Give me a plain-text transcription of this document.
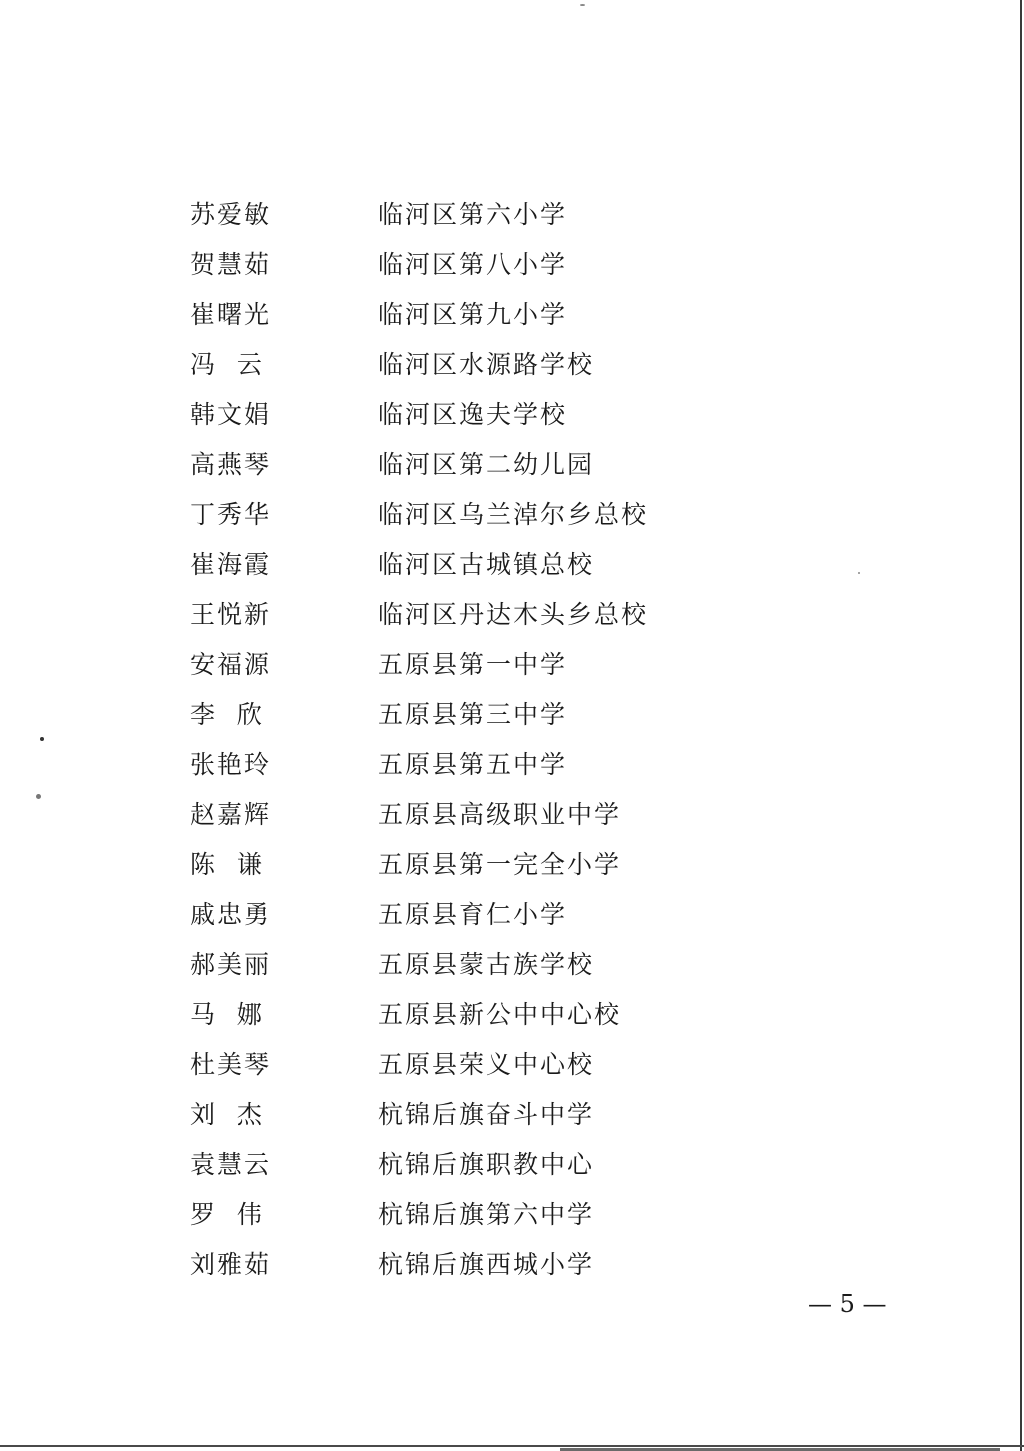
苏爱敏	临河区第六小学
贺慧茹	临河区第八小学
崔曙光	临河区第九小学
冯  云	临河区水源路学校
韩文娟	临河区逸夫学校
高燕琴	临河区第二幼儿园
丁秀华	临河区乌兰淖尔乡总校
崔海霞	临河区古城镇总校
王悦新	临河区丹达木头乡总校
安福源	五原县第一中学
李  欣	五原县第三中学
张艳玲	五原县第五中学
赵嘉辉	五原县高级职业中学
陈  谦	五原县第一完全小学
戚忠勇	五原县育仁小学
郝美丽	五原县蒙古族学校
马  娜	五原县新公中中心校
杜美琴	五原县荣义中心校
刘  杰	杭锦后旗奋斗中学
袁慧云	杭锦后旗职教中心
罗  伟	杭锦后旗第六中学
刘雅茹	杭锦后旗西城小学
— 5 —
